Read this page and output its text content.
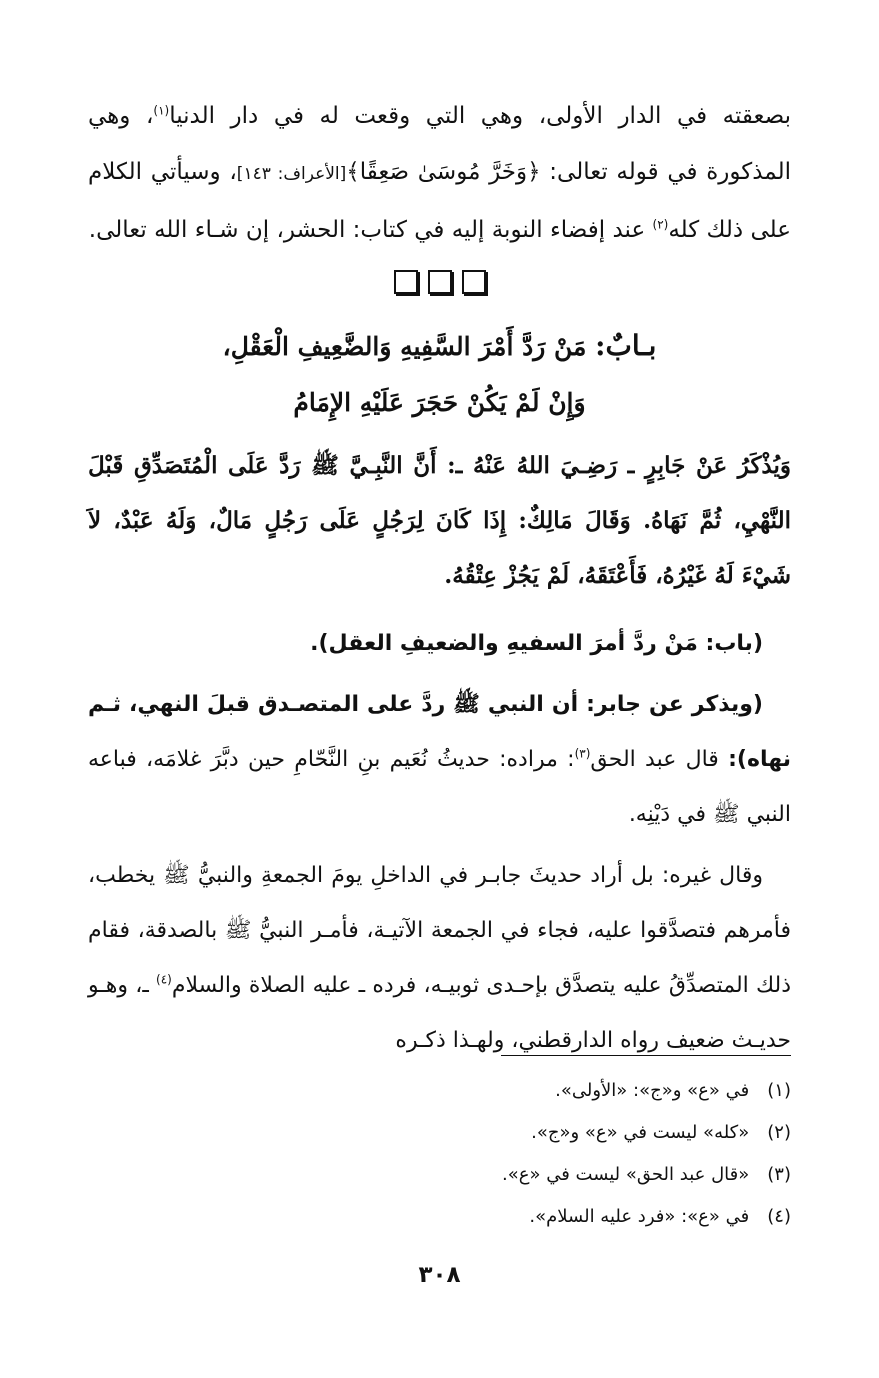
بصعقته في الدار الأولى، وهي التي وقعت له في دار الدنيا$^{(١)}$، وهي المذكورة في قوله تعالى: ﴿وَخَرَّ مُوسَىٰ صَعِقًا﴾[الأعراف: ١٤٣]، وسيأتي الكلام على ذلك كله$^{(٢)}$ عند إفضاء النوبة إليه في كتاب: الحشر، إن شـاء الله تعالى.

بـابٌ: مَنْ رَدَّ أَمْرَ السَّفِيهِ وَالضَّعِيفِ الْعَقْلِ،
وَإِنْ لَمْ يَكُنْ حَجَرَ عَلَيْهِ الإِمَامُ

وَيُذْكَرُ عَنْ جَابِرٍ ـ رَضِـيَ اللهُ عَنْهُ ـ: أَنَّ النَّبِـيَّ ﷺ رَدَّ عَلَى الْمُتَصَدِّقِ قَبْلَ النَّهْيِ، ثُمَّ نَهَاهُ. وَقَالَ مَالِكٌ: إِذَا كَانَ لِرَجُلٍ عَلَى رَجُلٍ مَالٌ، وَلَهُ عَبْدٌ، لاَ شَيْءَ لَهُ غَيْرُهُ، فَأَعْتَقَهُ، لَمْ يَجُزْ عِتْقُهُ.

(باب: مَنْ ردَّ أمرَ السفيهِ والضعيفِ العقل).

(ويذكر عن جابر: أن النبي ﷺ ردَّ على المتصـدق قبلَ النهي، ثـم نهاه): قال عبد الحق$^{(٣)}$: مراده: حديثُ نُعَيم بنِ النَّحّامِ حين دبَّرَ غلامَه، فباعه النبي ﷺ في دَيْنِه.

وقال غيره: بل أراد حديثَ جابـر في الداخلِ يومَ الجمعةِ والنبيُّ ﷺ يخطب، فأمرهم فتصدَّقوا عليه، فجاء في الجمعة الآتيـة، فأمـر النبيُّ ﷺ بالصدقة، فقام ذلك المتصدِّقُ عليه يتصدَّق بإحـدى ثوبيـه، فرده ـ عليه الصلاة والسلام$^{(٤)}$ ـ، وهـو حديـث ضعيف رواه الدارقطني، ولهـذا ذكـره

(١) في «ع» و«ج»: «الأولى».

(٢) «كله» ليست في «ع» و«ج».

(٣) «قال عبد الحق» ليست في «ع».

(٤) في «ع»: «فرد عليه السلام».

٣٠٨
